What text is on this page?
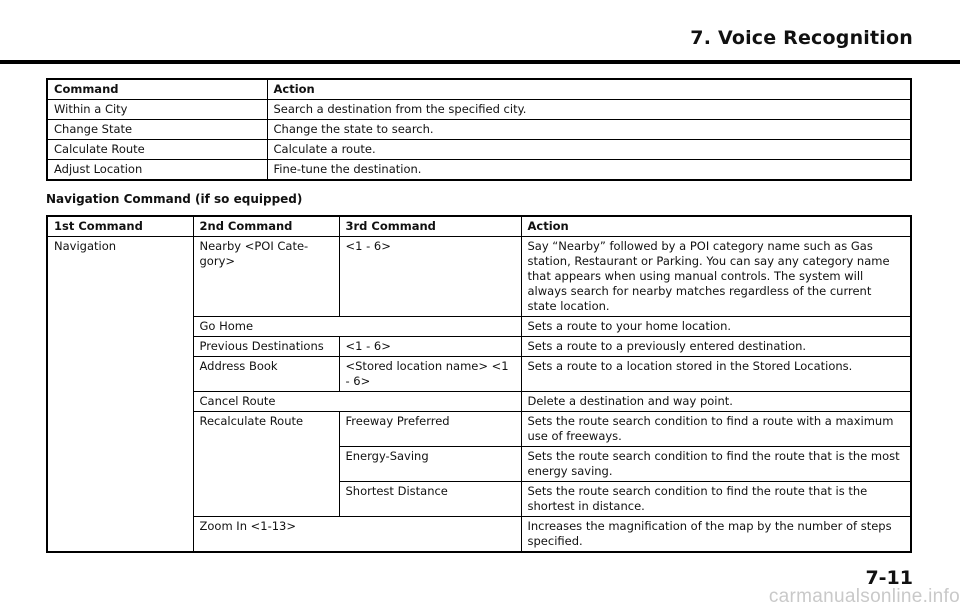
7. Voice Recognition
Command	Action
Within a City	Search a destination from the specified city.
Change State	Change the state to search.
Calculate Route	Calculate a route.
Adjust Location	Fine-tune the destination.
Navigation Command (if so equipped)
1st Command	2nd Command	3rd Command	Action
Navigation	Nearby <POI Cate-gory>	<1 - 6>	Say “Nearby” followed by a POI category name such as Gas station, Restaurant or Parking. You can say any category name that appears when using manual controls. The system will always search for nearby matches regardless of the current state location.
	Go Home		Sets a route to your home location.
	Previous Destinations	<1 - 6>	Sets a route to a previously entered destination.
	Address Book	<Stored location name> <1 - 6>	Sets a route to a location stored in the Stored Locations.
	Cancel Route		Delete a destination and way point.
	Recalculate Route	Freeway Preferred	Sets the route search condition to find a route with a maximum use of freeways.
		Energy-Saving	Sets the route search condition to find the route that is the most energy saving.
		Shortest Distance	Sets the route search condition to find the route that is the shortest in distance.
	Zoom In <1-13>		Increases the magnification of the map by the number of steps specified.
7-11
carmanualsonline.info
